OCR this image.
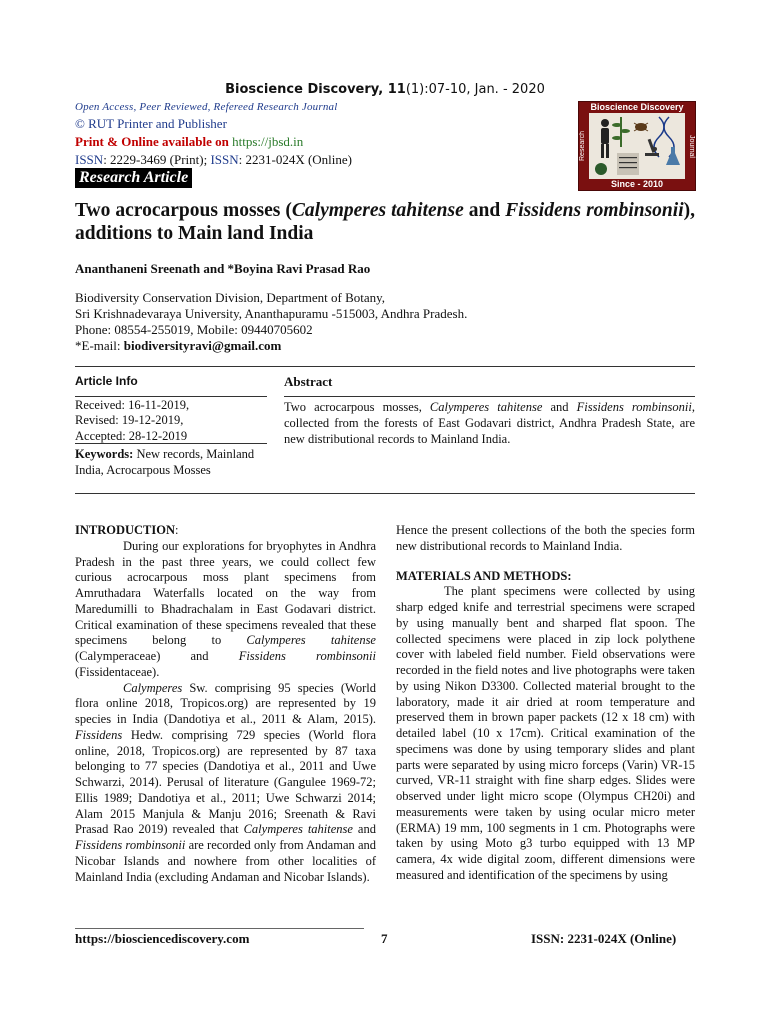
Bioscience Discovery, 11(1):07-10, Jan. - 2020
Open Access, Peer Reviewed, Refereed Research Journal
© RUT Printer and Publisher
Print & Online available on https://jbsd.in
ISSN: 2229-3469 (Print); ISSN: 2231-024X (Online)
Research Article
Bioscience Discovery
Research	Journal
Since - 2010
Two acrocarpous mosses (Calymperes tahitense and Fissidens rombinsonii), additions to Main land India
Ananthaneni Sreenath and *Boyina Ravi Prasad Rao
Biodiversity Conservation Division, Department of Botany,
Sri Krishnadevaraya University, Ananthapuramu -515003, Andhra Pradesh.
Phone: 08554-255019, Mobile: 09440705602
*E-mail: biodiversityravi@gmail.com
Article Info	Abstract
Received: 16-11-2019,
Revised: 19-12-2019,
Accepted: 28-12-2019
Keywords: New records, Mainland India, Acrocarpous Mosses
Two acrocarpous mosses, Calymperes tahitense and Fissidens rombinsonii, collected from the forests of East Godavari district, Andhra Pradesh State, are new distributional records to Mainland India.

INTRODUCTION:

During our explorations for bryophytes in Andhra Pradesh in the past three years, we could collect few curious acrocarpous moss plant specimens from Amruthadara Waterfalls located on the way from Maredumilli to Bhadrachalam in East Godavari district. Critical examination of these specimens revealed that these specimens belong to Calymperes tahitense (Calymperaceae) and Fissidens rombinsonii (Fissidentaceae).

Calymperes Sw. comprising 95 species (World flora online 2018, Tropicos.org) are represented by 19 species in India (Dandotiya et al., 2011 & Alam, 2015). Fissidens Hedw. comprising 729 species (World flora online, 2018, Tropicos.org) are represented by 87 taxa belonging to 77 species (Dandotiya et al., 2011 and Uwe Schwarzi, 2014). Perusal of literature (Gangulee 1969-72; Ellis 1989; Dandotiya et al., 2011; Uwe Schwarzi 2014; Alam 2015 Manjula & Manju 2016; Sreenath & Ravi Prasad Rao 2019) revealed that Calymperes tahitense and Fissidens rombinsonii are recorded only from Andaman and Nicobar Islands and nowhere from other localities of Mainland India (excluding Andaman and Nicobar Islands).

Hence the present collections of the both the species form new distributional records to Mainland India.

MATERIALS AND METHODS:

The plant specimens were collected by using sharp edged knife and terrestrial specimens were scraped by using manually bent and sharped flat spoon. The collected specimens were placed in zip lock polythene cover with labeled field number. Field observations were recorded in the field notes and live photographs were taken by using Nikon D3300. Collected material brought to the laboratory, made it air dried at room temperature and preserved them in brown paper packets (12 x 18 cm) with detailed label (10 x 17cm). Critical examination of the specimens was done by using temporary slides and plant parts were separated by using micro forceps (Varin) VR-15 curved, VR-11 straight with fine sharp edges. Slides were observed under light micro scope (Olympus CH20i) and measurements were taken by using ocular micro meter (ERMA) 19 mm, 100 segments in 1 cm. Photographs were taken by using Moto g3 turbo equipped with 13 MP camera, 4x wide digital zoom, different dimensions were measured and identification of the specimens by using

https://biosciencediscovery.com	7	ISSN: 2231-024X (Online)
